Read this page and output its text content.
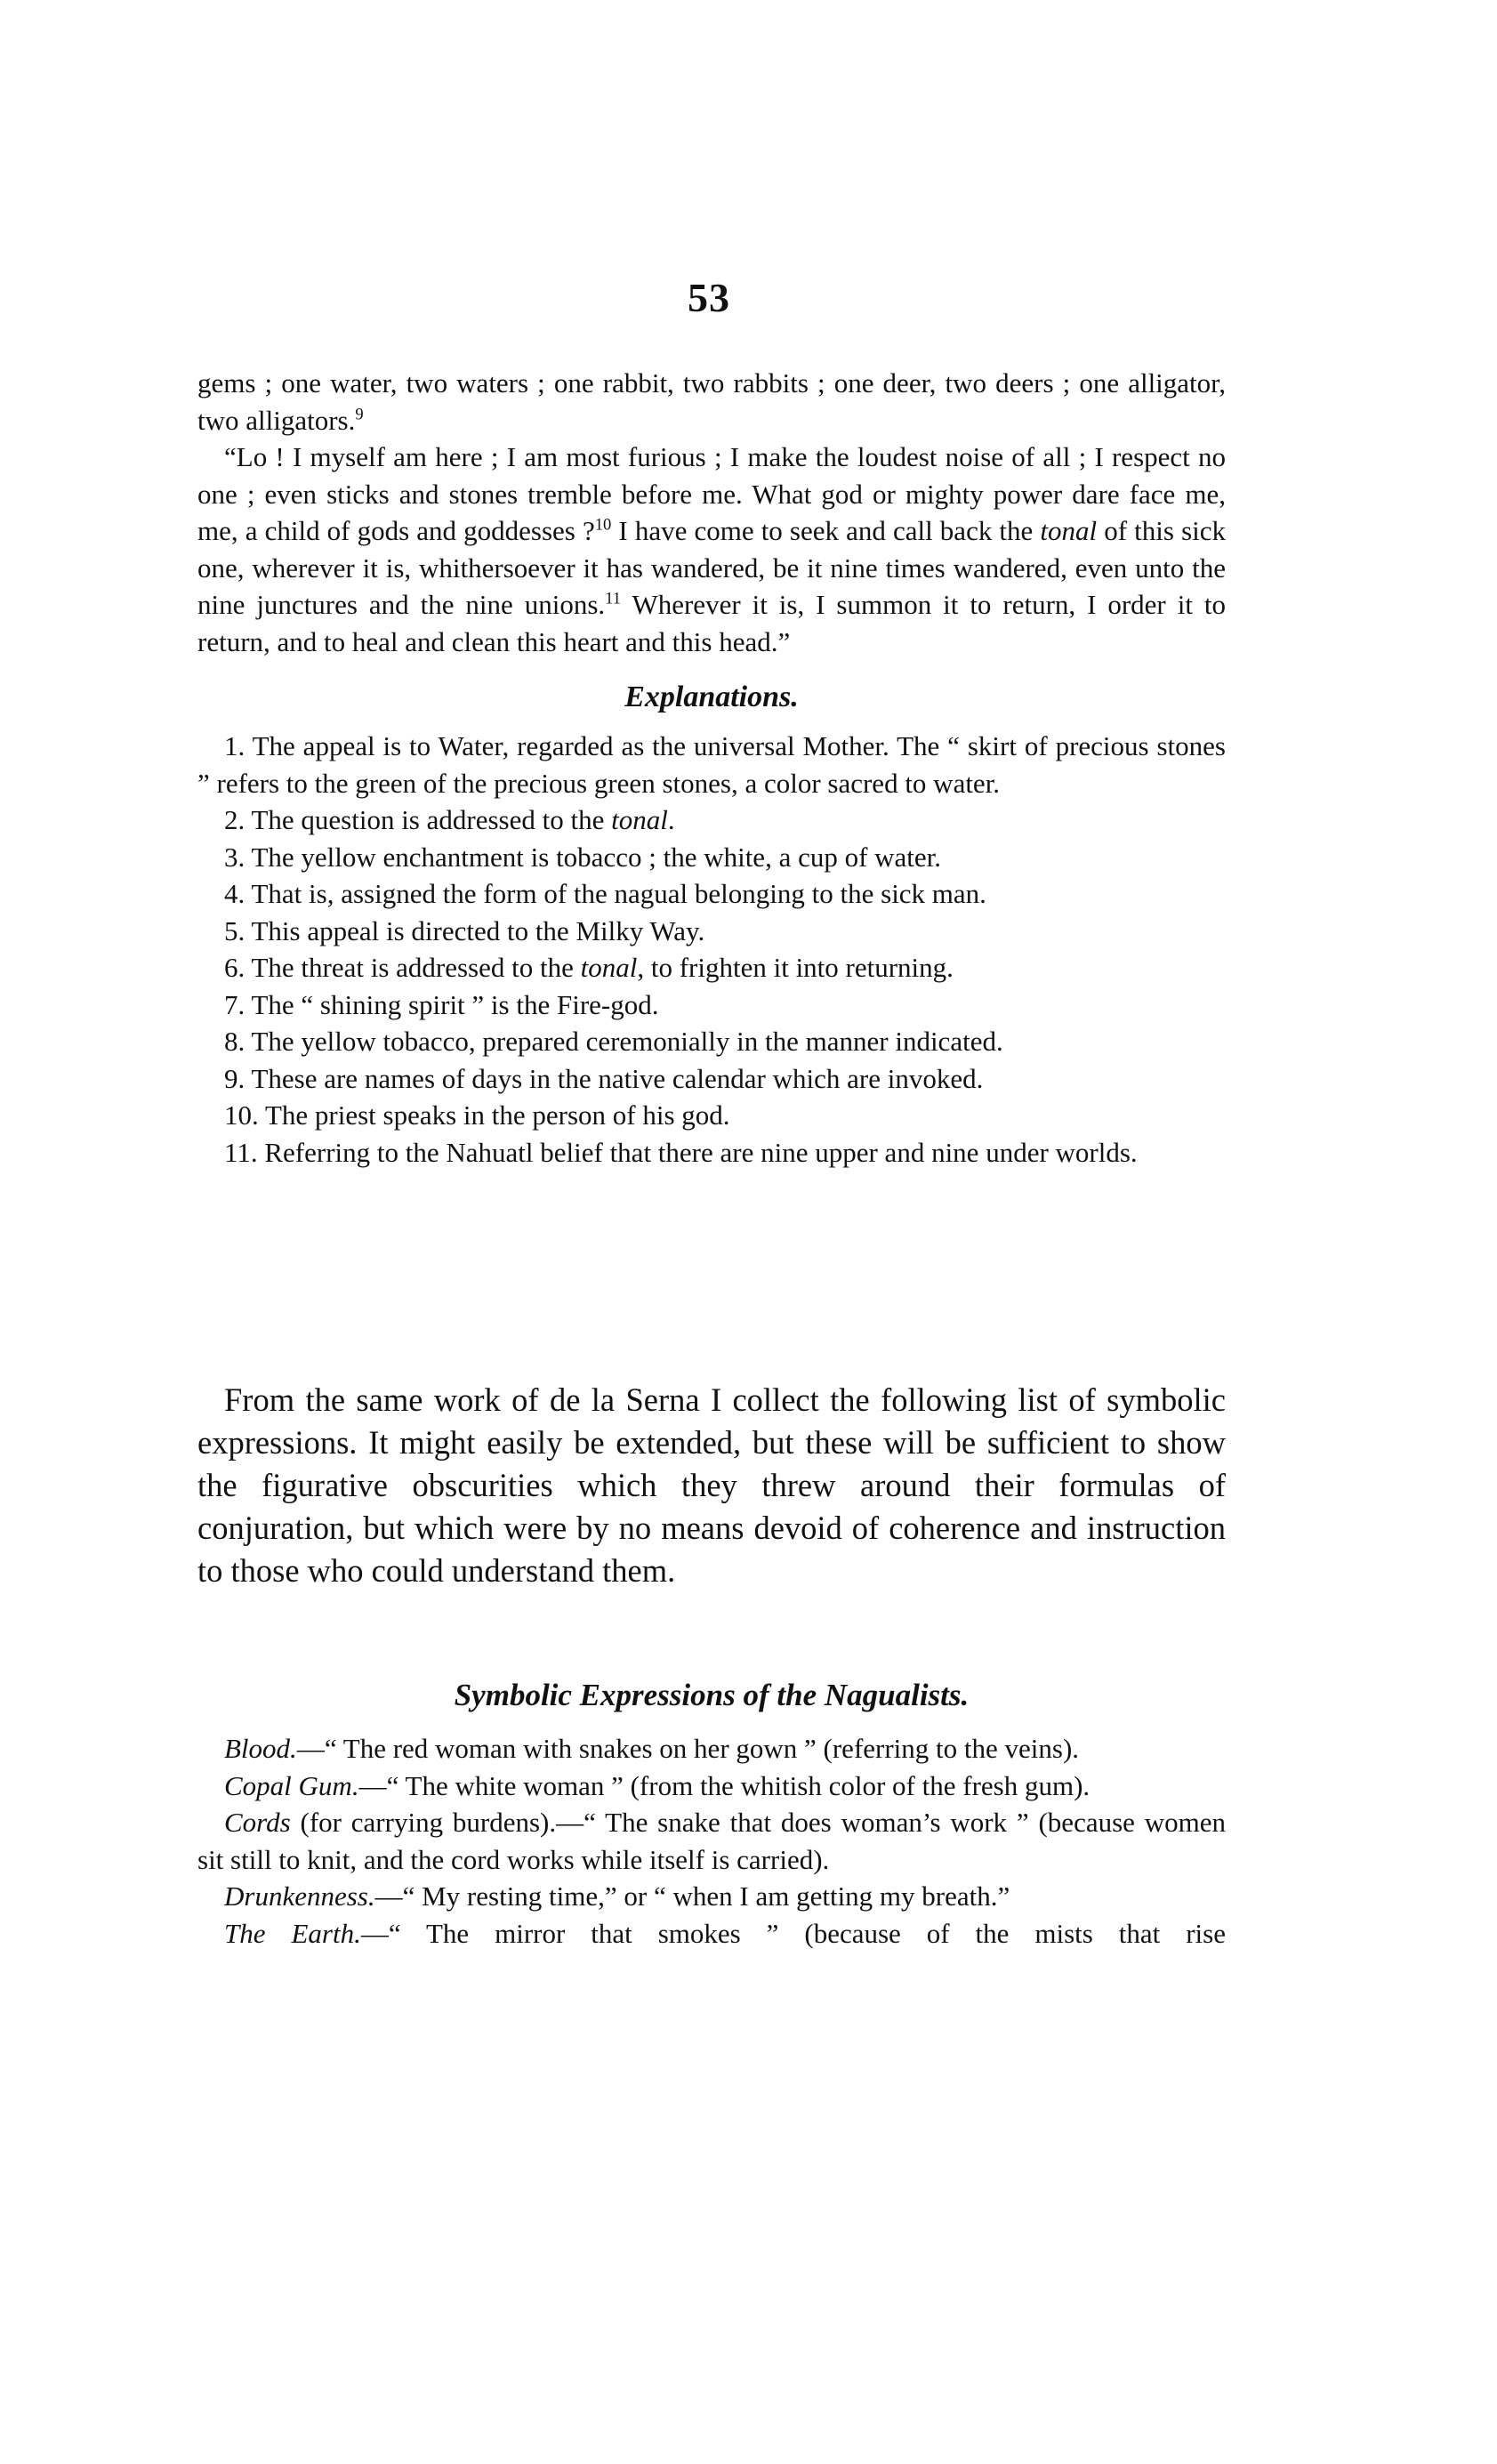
53

gems ; one water, two waters ; one rabbit, two rabbits ; one deer, two deers ; one alligator, two alligators.$^9$

“Lo ! I myself am here ; I am most furious ; I make the loudest noise of all ; I respect no one ; even sticks and stones tremble before me. What god or mighty power dare face me, me, a child of gods and goddesses ?$^{10}$ I have come to seek and call back the tonal of this sick one, wherever it is, whithersoever it has wandered, be it nine times wandered, even unto the nine junctures and the nine unions.$^{11}$ Wherever it is, I summon it to return, I order it to return, and to heal and clean this heart and this head.”

Explanations.

1. The appeal is to Water, regarded as the universal Mother. The “ skirt of precious stones ” refers to the green of the precious green stones, a color sacred to water.

2. The question is addressed to the tonal.

3. The yellow enchantment is tobacco ; the white, a cup of water.

4. That is, assigned the form of the nagual belonging to the sick man.

5. This appeal is directed to the Milky Way.

6. The threat is addressed to the tonal, to frighten it into returning.

7. The “ shining spirit ” is the Fire-god.

8. The yellow tobacco, prepared ceremonially in the manner indicated.

9. These are names of days in the native calendar which are invoked.

10. The priest speaks in the person of his god.

11. Referring to the Nahuatl belief that there are nine upper and nine under worlds.

From the same work of de la Serna I collect the following list of symbolic expressions. It might easily be extended, but these will be sufficient to show the figurative obscurities which they threw around their formulas of conjuration, but which were by no means devoid of coherence and instruction to those who could understand them.

Symbolic Expressions of the Nagualists.

Blood.—“ The red woman with snakes on her gown ” (referring to the veins).

Copal Gum.—“ The white woman ” (from the whitish color of the fresh gum).

Cords (for carrying burdens).—“ The snake that does woman’s work ” (because women sit still to knit, and the cord works while itself is carried).

Drunkenness.—“ My resting time,” or “ when I am getting my breath.”

The Earth.—“ The mirror that smokes ” (because of the mists that rise
